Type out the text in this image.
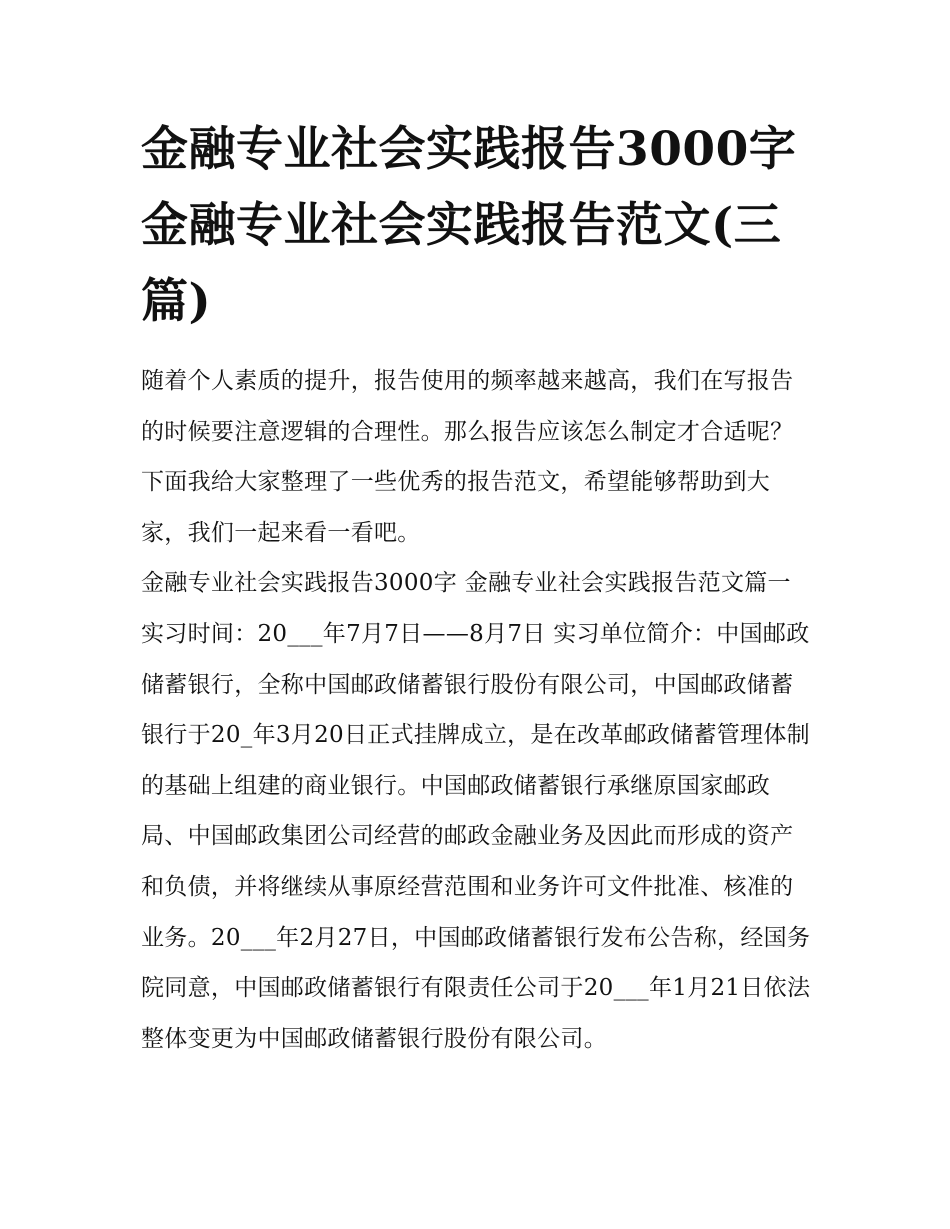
金融专业社会实践报告3000字 金融专业社会实践报告范文(三篇)

随着个人素质的提升，报告使用的频率越来越高，我们在写报告的时候要注意逻辑的合理性。那么报告应该怎么制定才合适呢？下面我给大家整理了一些优秀的报告范文，希望能够帮助到大家，我们一起来看一看吧。

金融专业社会实践报告3000字 金融专业社会实践报告范文篇一 实习时间：20___年7月7日——8月7日 实习单位简介：中国邮政储蓄银行，全称中国邮政储蓄银行股份有限公司，中国邮政储蓄银行于20_年3月20日正式挂牌成立，是在改革邮政储蓄管理体制的基础上组建的商业银行。中国邮政储蓄银行承继原国家邮政局、中国邮政集团公司经营的邮政金融业务及因此而形成的资产和负债，并将继续从事原经营范围和业务许可文件批准、核准的业务。20___年2月27日，中国邮政储蓄银行发布公告称，经国务院同意，中国邮政储蓄银行有限责任公司于20___年1月21日依法整体变更为中国邮政储蓄银行股份有限公司。
